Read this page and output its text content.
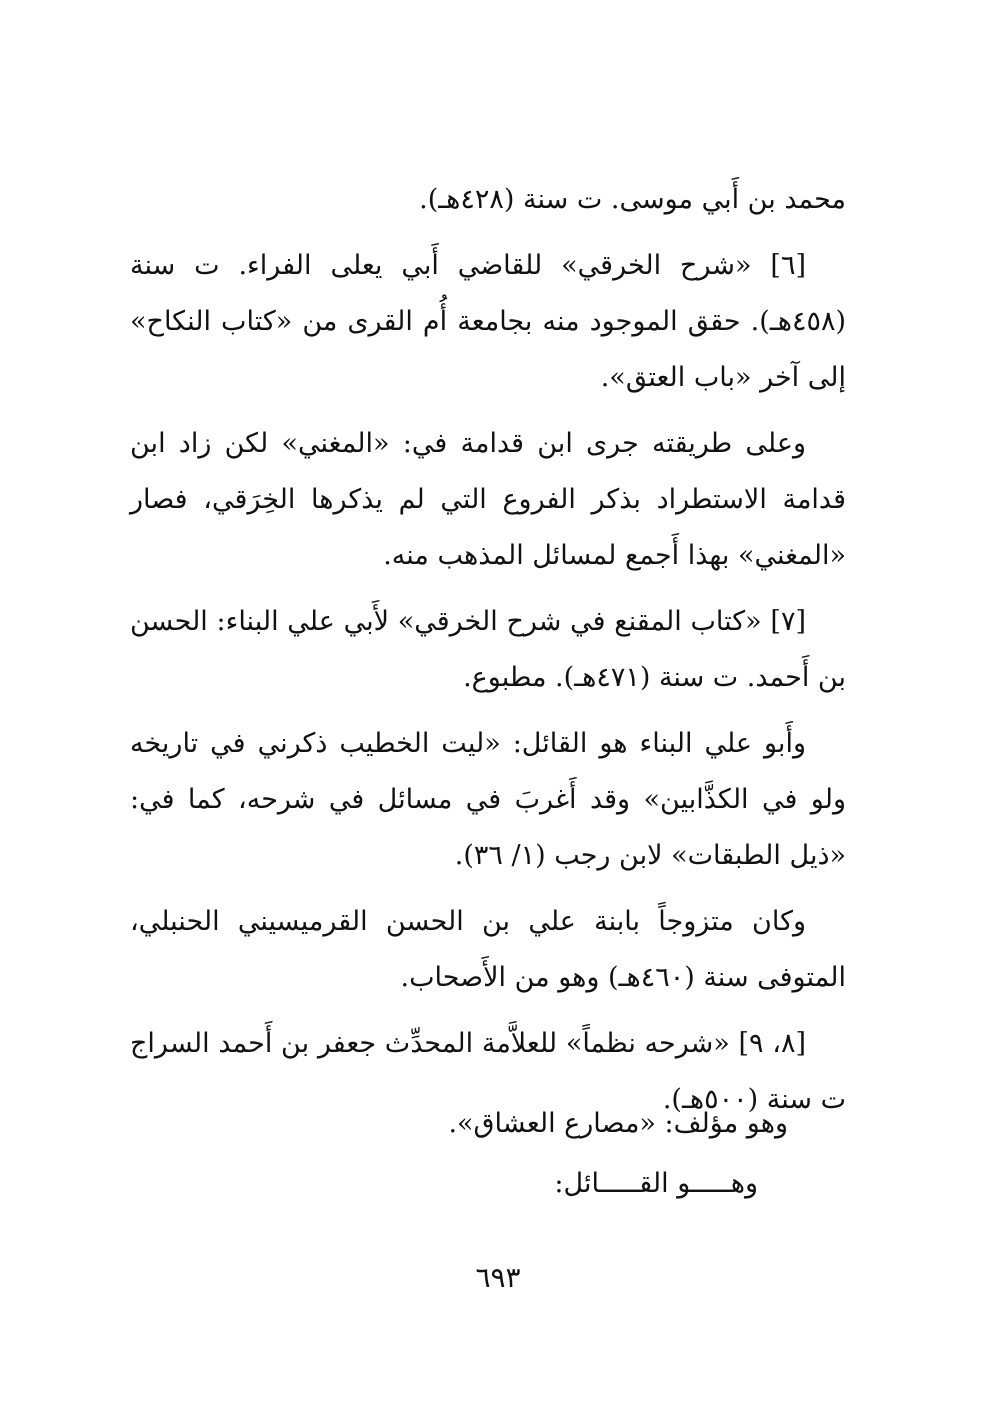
محمد بن أَبي موسى. ت سنة (٤٢٨هـ).

[٦] «شرح الخرقي» للقاضي أَبي يعلى الفراء. ت سنة (٤٥٨هـ). حقق الموجود منه بجامعة أُم القرى من «كتاب النكاح» إلى آخر «باب العتق».

وعلى طريقته جرى ابن قدامة في: «المغني» لكن زاد ابن قدامة الاستطراد بذكر الفروع التي لم يذكرها الخِرَقي، فصار «المغني» بهذا أَجمع لمسائل المذهب منه.

[٧] «كتاب المقنع في شرح الخرقي» لأَبي علي البناء: الحسن بن أَحمد. ت سنة (٤٧١هـ). مطبوع.

وأَبو علي البناء هو القائل: «ليت الخطيب ذكرني في تاريخه ولو في الكذَّابين» وقد أَغربَ في مسائل في شرحه، كما في: «ذيل الطبقات» لابن رجب (١/ ٣٦).

وكان متزوجاً بابنة علي بن الحسن القرميسيني الحنبلي، المتوفى سنة (٤٦٠هـ) وهو من الأَصحاب.

[٨، ٩] «شرحه نظماً» للعلاَّمة المحدِّث جعفر بن أَحمد السراج ت سنة (٥٠٠هـ).

وهو مؤلف: «مصارع العشاق».
وهـــــو القـــــائل:
٦٩٣
